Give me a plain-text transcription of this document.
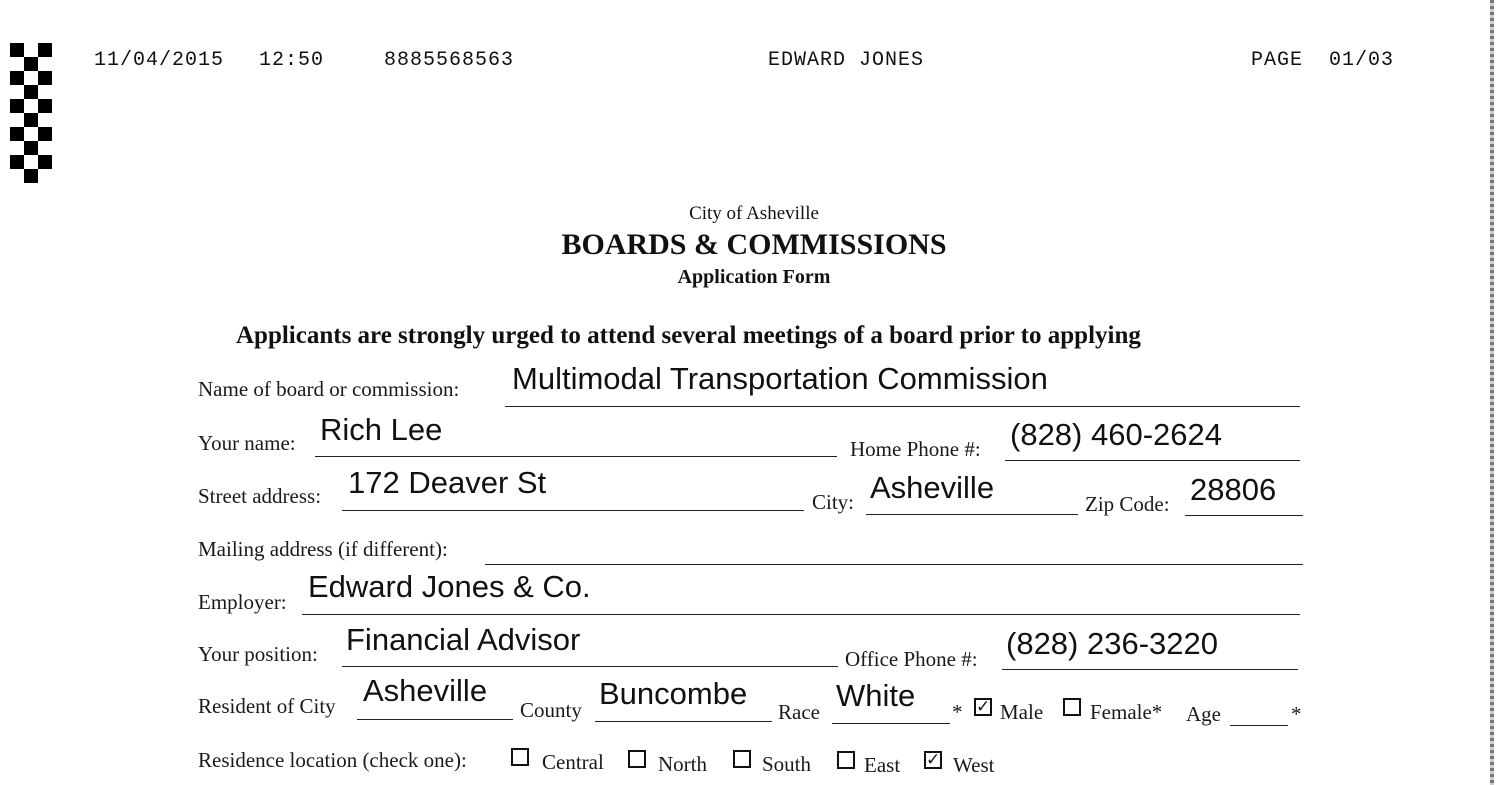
11/04/2015 12:50	8885568563	EDWARD JONES	PAGE  01/03
City of Asheville
BOARDS & COMMISSIONS
Application Form
Applicants are strongly urged to attend several meetings of a board prior to applying
Name of board or commission: Multimodal Transportation Commission
Your name: Rich Lee
Home Phone #: (828) 460-2624
Street address: 172 Deaver St
City: Asheville	Zip Code: 28806
Mailing address (if different):
Employer: Edward Jones & Co.
Your position: Financial Advisor
Office Phone #: (828) 236-3220
Resident of City Asheville
County Buncombe
Race White * ✓ Male Female* Age	*
Residence location (check one):	Central	North	South	East ✓ West
